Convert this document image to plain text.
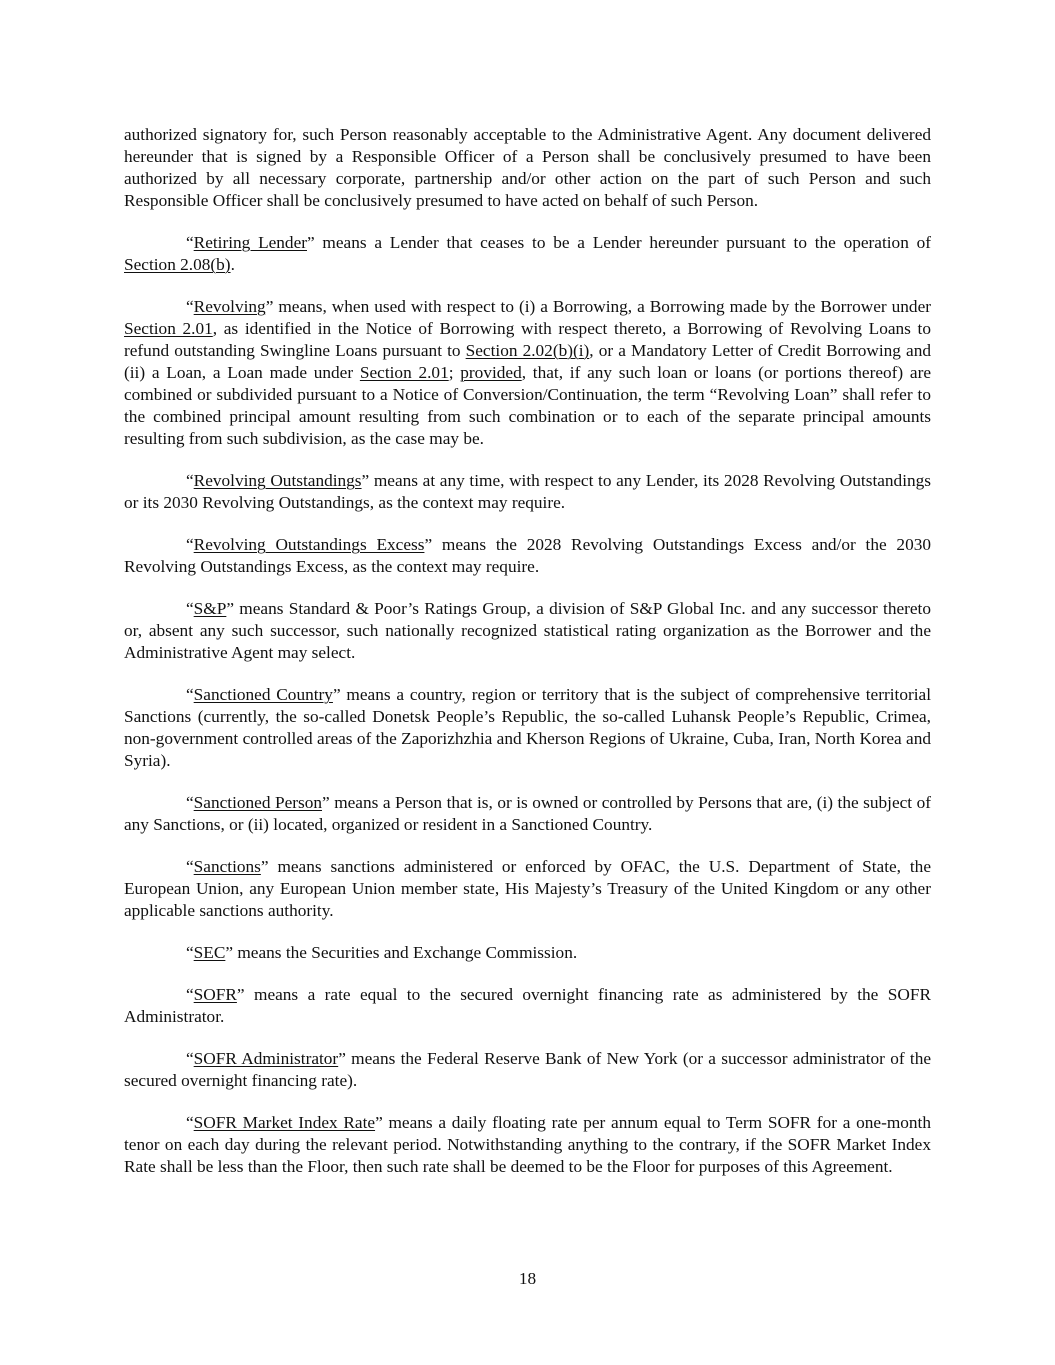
authorized signatory for, such Person reasonably acceptable to the Administrative Agent. Any document delivered hereunder that is signed by a Responsible Officer of a Person shall be conclusively presumed to have been authorized by all necessary corporate, partnership and/or other action on the part of such Person and such Responsible Officer shall be conclusively presumed to have acted on behalf of such Person.

“Retiring Lender” means a Lender that ceases to be a Lender hereunder pursuant to the operation of Section 2.08(b).

“Revolving” means, when used with respect to (i) a Borrowing, a Borrowing made by the Borrower under Section 2.01, as identified in the Notice of Borrowing with respect thereto, a Borrowing of Revolving Loans to refund outstanding Swingline Loans pursuant to Section 2.02(b)(i), or a Mandatory Letter of Credit Borrowing and (ii) a Loan, a Loan made under Section 2.01; provided, that, if any such loan or loans (or portions thereof) are combined or subdivided pursuant to a Notice of Conversion/Continuation, the term “Revolving Loan” shall refer to the combined principal amount resulting from such combination or to each of the separate principal amounts resulting from such subdivision, as the case may be.

“Revolving Outstandings” means at any time, with respect to any Lender, its 2028 Revolving Outstandings or its 2030 Revolving Outstandings, as the context may require.

“Revolving Outstandings Excess” means the 2028 Revolving Outstandings Excess and/or the 2030 Revolving Outstandings Excess, as the context may require.

“S&P” means Standard & Poor’s Ratings Group, a division of S&P Global Inc. and any successor thereto or, absent any such successor, such nationally recognized statistical rating organization as the Borrower and the Administrative Agent may select.

“Sanctioned Country” means a country, region or territory that is the subject of comprehensive territorial Sanctions (currently, the so-called Donetsk People’s Republic, the so-called Luhansk People’s Republic, Crimea, non-government controlled areas of the Zaporizhzhia and Kherson Regions of Ukraine, Cuba, Iran, North Korea and Syria).

“Sanctioned Person” means a Person that is, or is owned or controlled by Persons that are, (i) the subject of any Sanctions, or (ii) located, organized or resident in a Sanctioned Country.

“Sanctions” means sanctions administered or enforced by OFAC, the U.S. Department of State, the European Union, any European Union member state, His Majesty’s Treasury of the United Kingdom or any other applicable sanctions authority.

“SEC” means the Securities and Exchange Commission.

“SOFR” means a rate equal to the secured overnight financing rate as administered by the SOFR Administrator.

“SOFR Administrator” means the Federal Reserve Bank of New York (or a successor administrator of the secured overnight financing rate).

“SOFR Market Index Rate” means a daily floating rate per annum equal to Term SOFR for a one-month tenor on each day during the relevant period. Notwithstanding anything to the contrary, if the SOFR Market Index Rate shall be less than the Floor, then such rate shall be deemed to be the Floor for purposes of this Agreement.

18
